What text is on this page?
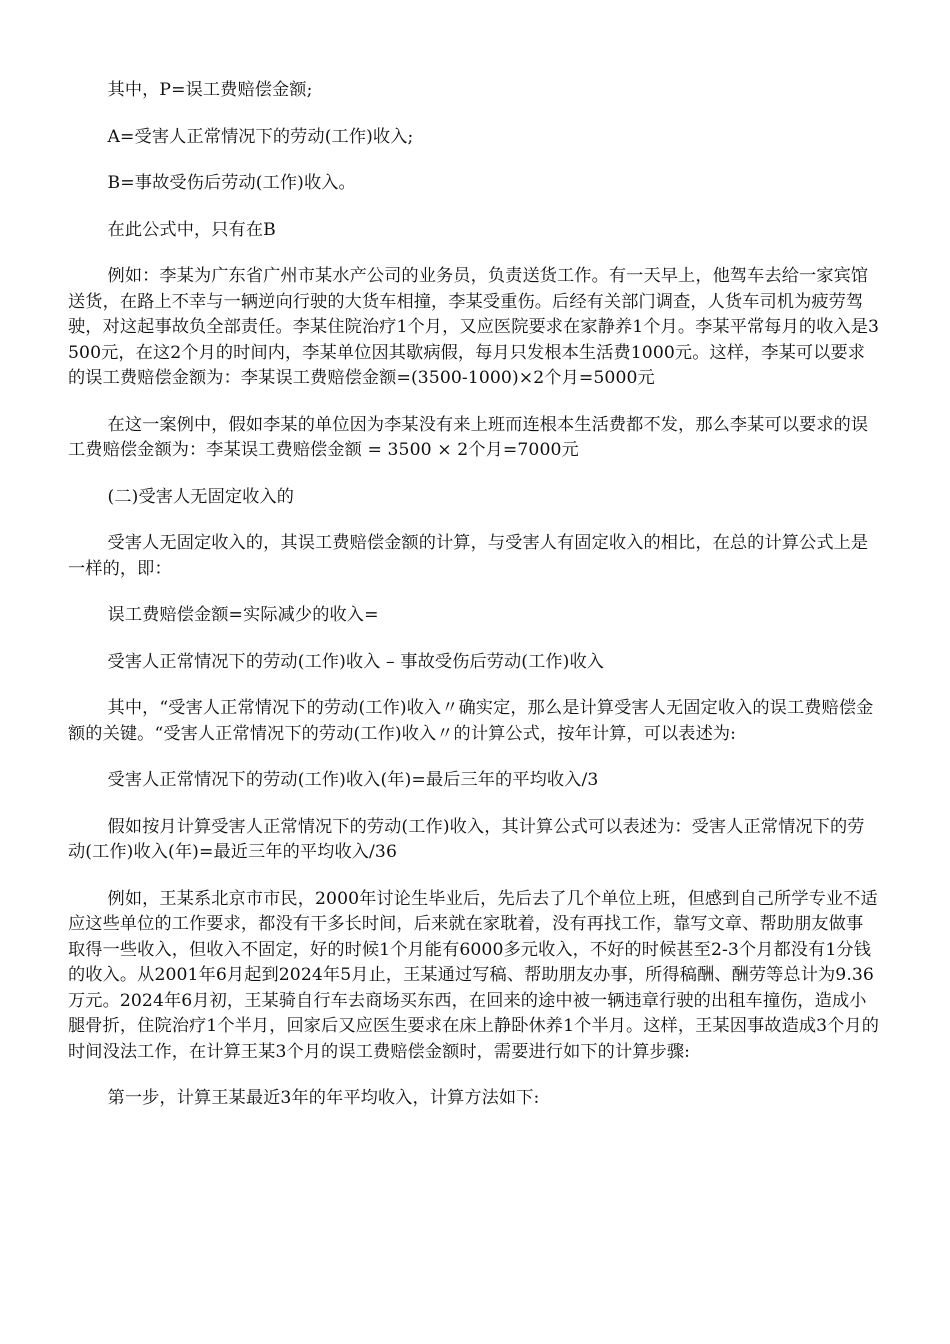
其中，P=误工费赔偿金额;

A=受害人正常情况下的劳动(工作)收入;

B=事故受伤后劳动(工作)收入。

在此公式中，只有在B

例如：李某为广东省广州市某水产公司的业务员，负责送货工作。有一天早上，他驾车去给一家宾馆送货，在路上不幸与一辆逆向行驶的大货车相撞，李某受重伤。后经有关部门调查，人货车司机为疲劳驾驶，对这起事故负全部责任。李某住院治疗1个月，又应医院要求在家静养1个月。李某平常每月的收入是3500元，在这2个月的时间内，李某单位因其歇病假，每月只发根本生活费1000元。这样，李某可以要求的误工费赔偿金额为：李某误工费赔偿金额=(3500-1000)×2个月=5000元

在这一案例中，假如李某的单位因为李某没有来上班而连根本生活费都不发，那么李某可以要求的误工费赔偿金额为：李某误工费赔偿金额 = 3500 × 2个月=7000元

(二)受害人无固定收入的

受害人无固定收入的，其误工费赔偿金额的计算，与受害人有固定收入的相比，在总的计算公式上是一样的，即：

误工费赔偿金额=实际减少的收入=

受害人正常情况下的劳动(工作)收入 – 事故受伤后劳动(工作)收入

其中，“受害人正常情况下的劳动(工作)收入〃确实定，那么是计算受害人无固定收入的误工费赔偿金额的关键。“受害人正常情况下的劳动(工作)收入〃的计算公式，按年计算，可以表述为:

受害人正常情况下的劳动(工作)收入(年)=最后三年的平均收入/3

假如按月计算受害人正常情况下的劳动(工作)收入，其计算公式可以表述为：受害人正常情况下的劳动(工作)收入(年)=最近三年的平均收入/36

例如，王某系北京市市民，2000年讨论生毕业后，先后去了几个单位上班，但感到自己所学专业不适应这些单位的工作要求，都没有干多长时间，后来就在家耽着，没有再找工作，靠写文章、帮助朋友做事取得一些收入，但收入不固定，好的时候1个月能有6000多元收入，不好的时候甚至2-3个月都没有1分钱的收入。从2001年6月起到2024年5月止，王某通过写稿、帮助朋友办事，所得稿酬、酬劳等总计为9.36万元。2024年6月初，王某骑自行车去商场买东西，在回来的途中被一辆违章行驶的出租车撞伤，造成小腿骨折，住院治疗1个半月，回家后又应医生要求在床上静卧休养1个半月。这样，王某因事故造成3个月的时间没法工作，在计算王某3个月的误工费赔偿金额时，需要进行如下的计算步骤:

第一步，计算王某最近3年的年平均收入，计算方法如下:
